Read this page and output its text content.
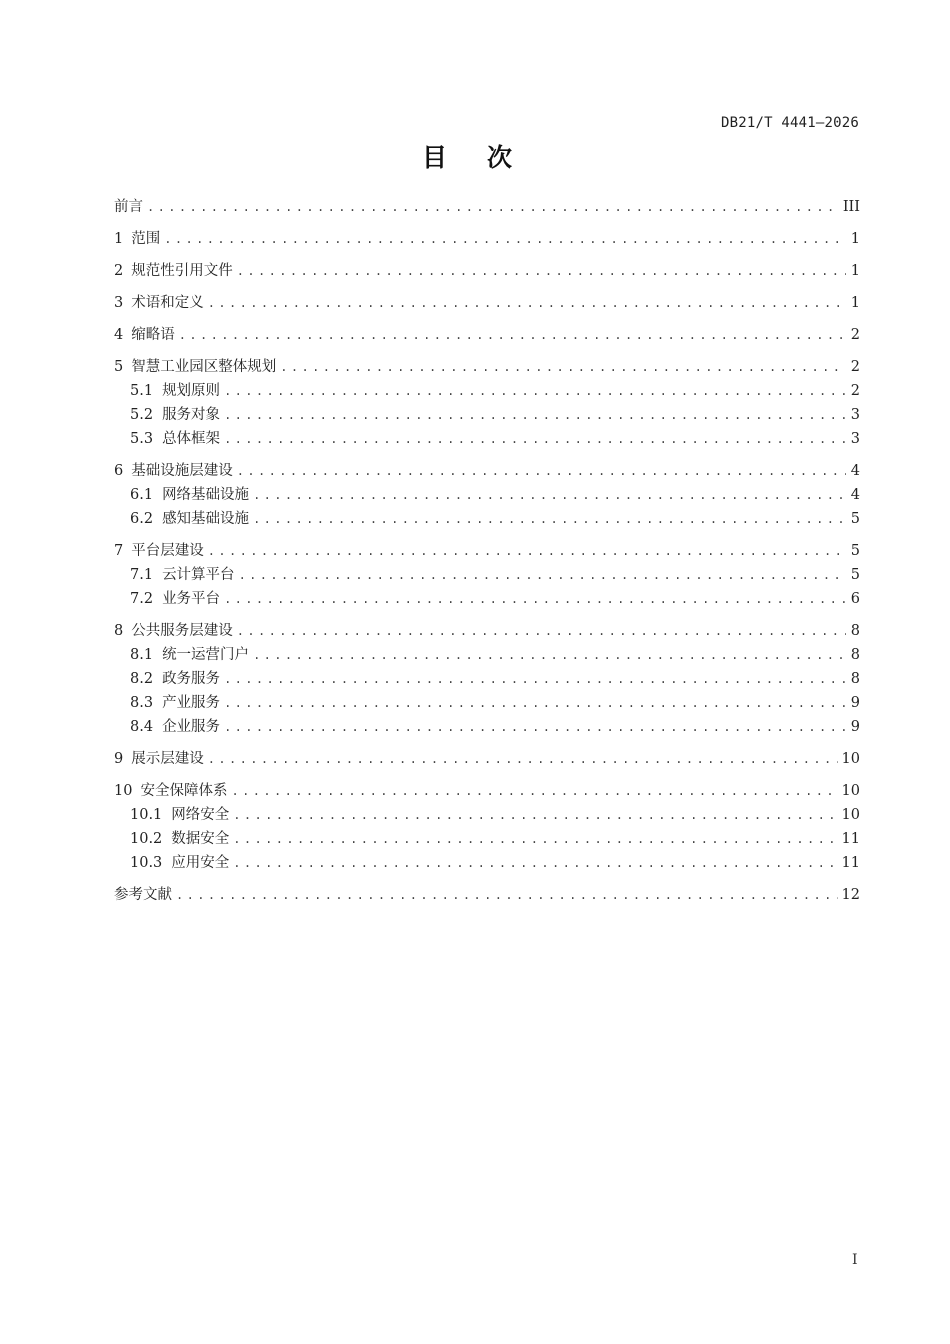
DB21/T 4441—2026
目次
前言 .....	III
1 范围 .....	1
2 规范性引用文件 .....	1
3 术语和定义 .....	1
4 缩略语 .....	2
5 智慧工业园区整体规划 .....	2
5.1 规划原则 .....	2
5.2 服务对象 .....	3
5.3 总体框架 .....	3
6 基础设施层建设 .....	4
6.1 网络基础设施 .....	4
6.2 感知基础设施 .....	5
7 平台层建设 .....	5
7.1 云计算平台 .....	5
7.2 业务平台 .....	6
8 公共服务层建设 .....	8
8.1 统一运营门户 .....	8
8.2 政务服务 .....	8
8.3 产业服务 .....	9
8.4 企业服务 .....	9
9 展示层建设 .....	10
10 安全保障体系 .....	10
10.1 网络安全 .....	10
10.2 数据安全 .....	11
10.3 应用安全 .....	11
参考文献 .....	12
I
